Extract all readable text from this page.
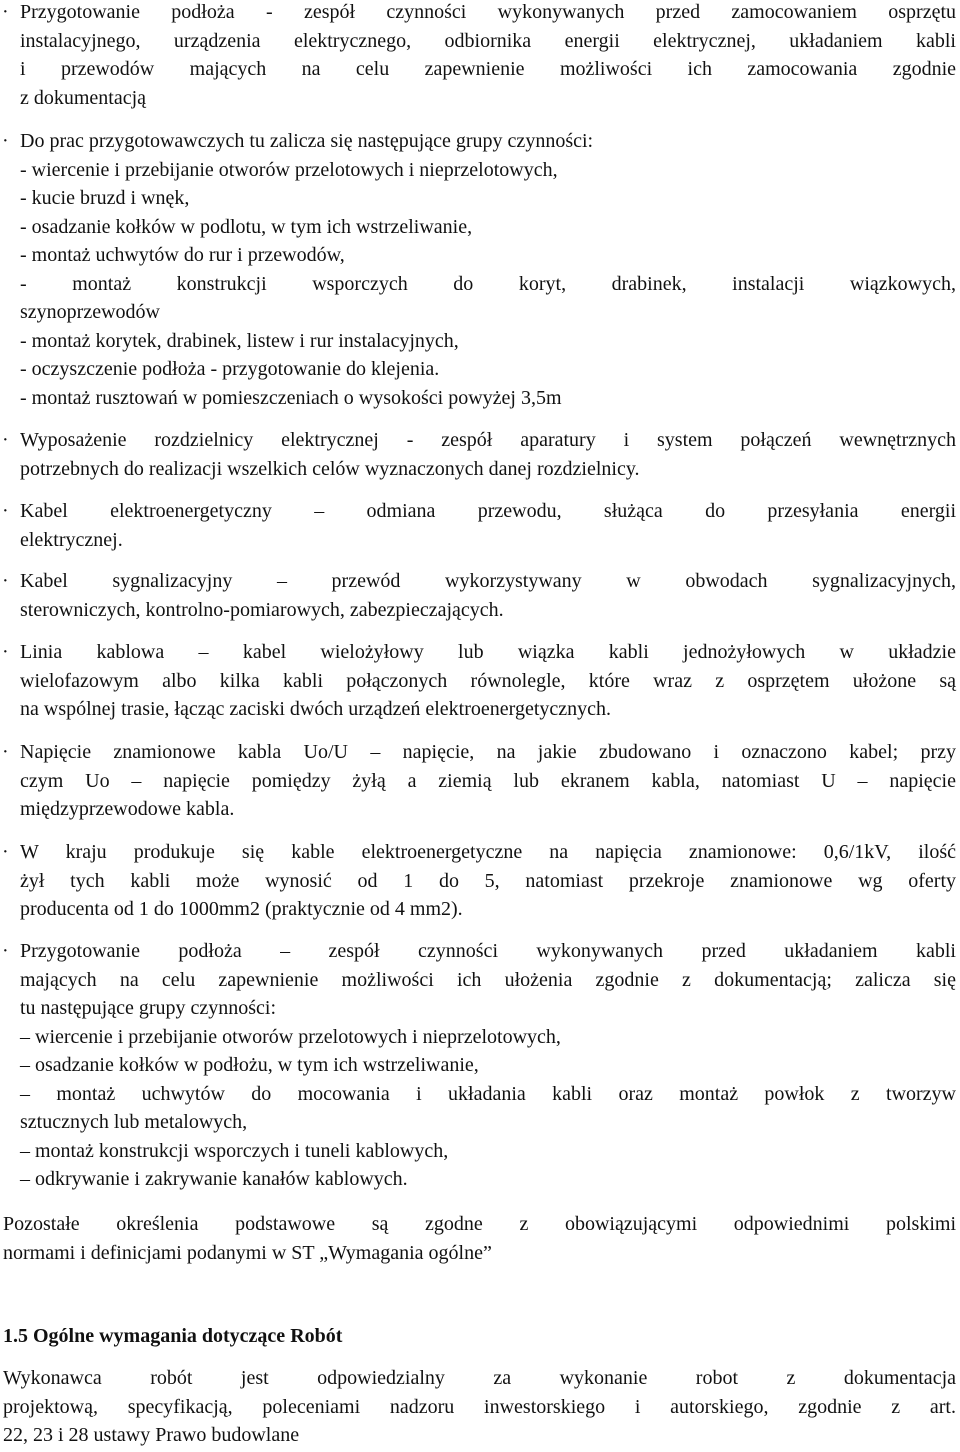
· Przygotowanie podłoża - zespół czynności wykonywanych przed zamocowaniem osprzętu
instalacyjnego, urządzenia elektrycznego, odbiornika energii elektrycznej, układaniem kabli
i przewodów mających na celu zapewnienie możliwości ich zamocowania zgodnie
z dokumentacją
· Do prac przygotowawczych tu zalicza się następujące grupy czynności:
- wiercenie i przebijanie otworów przelotowych i nieprzelotowych,
- kucie bruzd i wnęk,
- osadzanie kołków w podlotu, w tym ich wstrzeliwanie,
- montaż uchwytów do rur i przewodów,
- montaż konstrukcji wsporczych do koryt, drabinek, instalacji wiązkowych,
szynoprzewodów
- montaż korytek, drabinek, listew i rur instalacyjnych,
- oczyszczenie podłoża - przygotowanie do klejenia.
- montaż rusztowań w pomieszczeniach o wysokości powyżej 3,5m
· Wyposażenie rozdzielnicy elektrycznej - zespół aparatury i system połączeń wewnętrznych
potrzebnych do realizacji wszelkich celów wyznaczonych danej rozdzielnicy.
· Kabel elektroenergetyczny – odmiana przewodu, służąca do przesyłania energii
elektrycznej.
· Kabel sygnalizacyjny – przewód wykorzystywany w obwodach sygnalizacyjnych,
sterowniczych, kontrolno-pomiarowych, zabezpieczających.
· Linia kablowa – kabel wielożyłowy lub wiązka kabli jednożyłowych w układzie
wielofazowym albo kilka kabli połączonych równolegle, które wraz z osprzętem ułożone są
na wspólnej trasie, łącząc zaciski dwóch urządzeń elektroenergetycznych.
· Napięcie znamionowe kabla Uo/U – napięcie, na jakie zbudowano i oznaczono kabel; przy
czym Uo – napięcie pomiędzy żyłą a ziemią lub ekranem kabla, natomiast U – napięcie
międzyprzewodowe kabla.
· W kraju produkuje się kable elektroenergetyczne na napięcia znamionowe: 0,6/1kV, ilość
żył tych kabli może wynosić od 1 do 5, natomiast przekroje znamionowe wg oferty
producenta od 1 do 1000mm2 (praktycznie od 4 mm2).
· Przygotowanie podłoża – zespół czynności wykonywanych przed układaniem kabli
mających na celu zapewnienie możliwości ich ułożenia zgodnie z dokumentacją; zalicza się
tu następujące grupy czynności:
– wiercenie i przebijanie otworów przelotowych i nieprzelotowych,
– osadzanie kołków w podłożu, w tym ich wstrzeliwanie,
– montaż uchwytów do mocowania i układania kabli oraz montaż powłok z tworzyw
sztucznych lub metalowych,
– montaż konstrukcji wsporczych i tuneli kablowych,
– odkrywanie i zakrywanie kanałów kablowych.
Pozostałe określenia podstawowe są zgodne z obowiązującymi odpowiednimi polskimi
normami i definicjami podanymi w ST „Wymagania ogólne”
1.5 Ogólne wymagania dotyczące Robót
Wykonawca robót jest odpowiedzialny za wykonanie robot z dokumentacja
projektową, specyfikacją, poleceniami nadzoru inwestorskiego i autorskiego, zgodnie z art.
22, 23 i 28 ustawy Prawo budowlane
